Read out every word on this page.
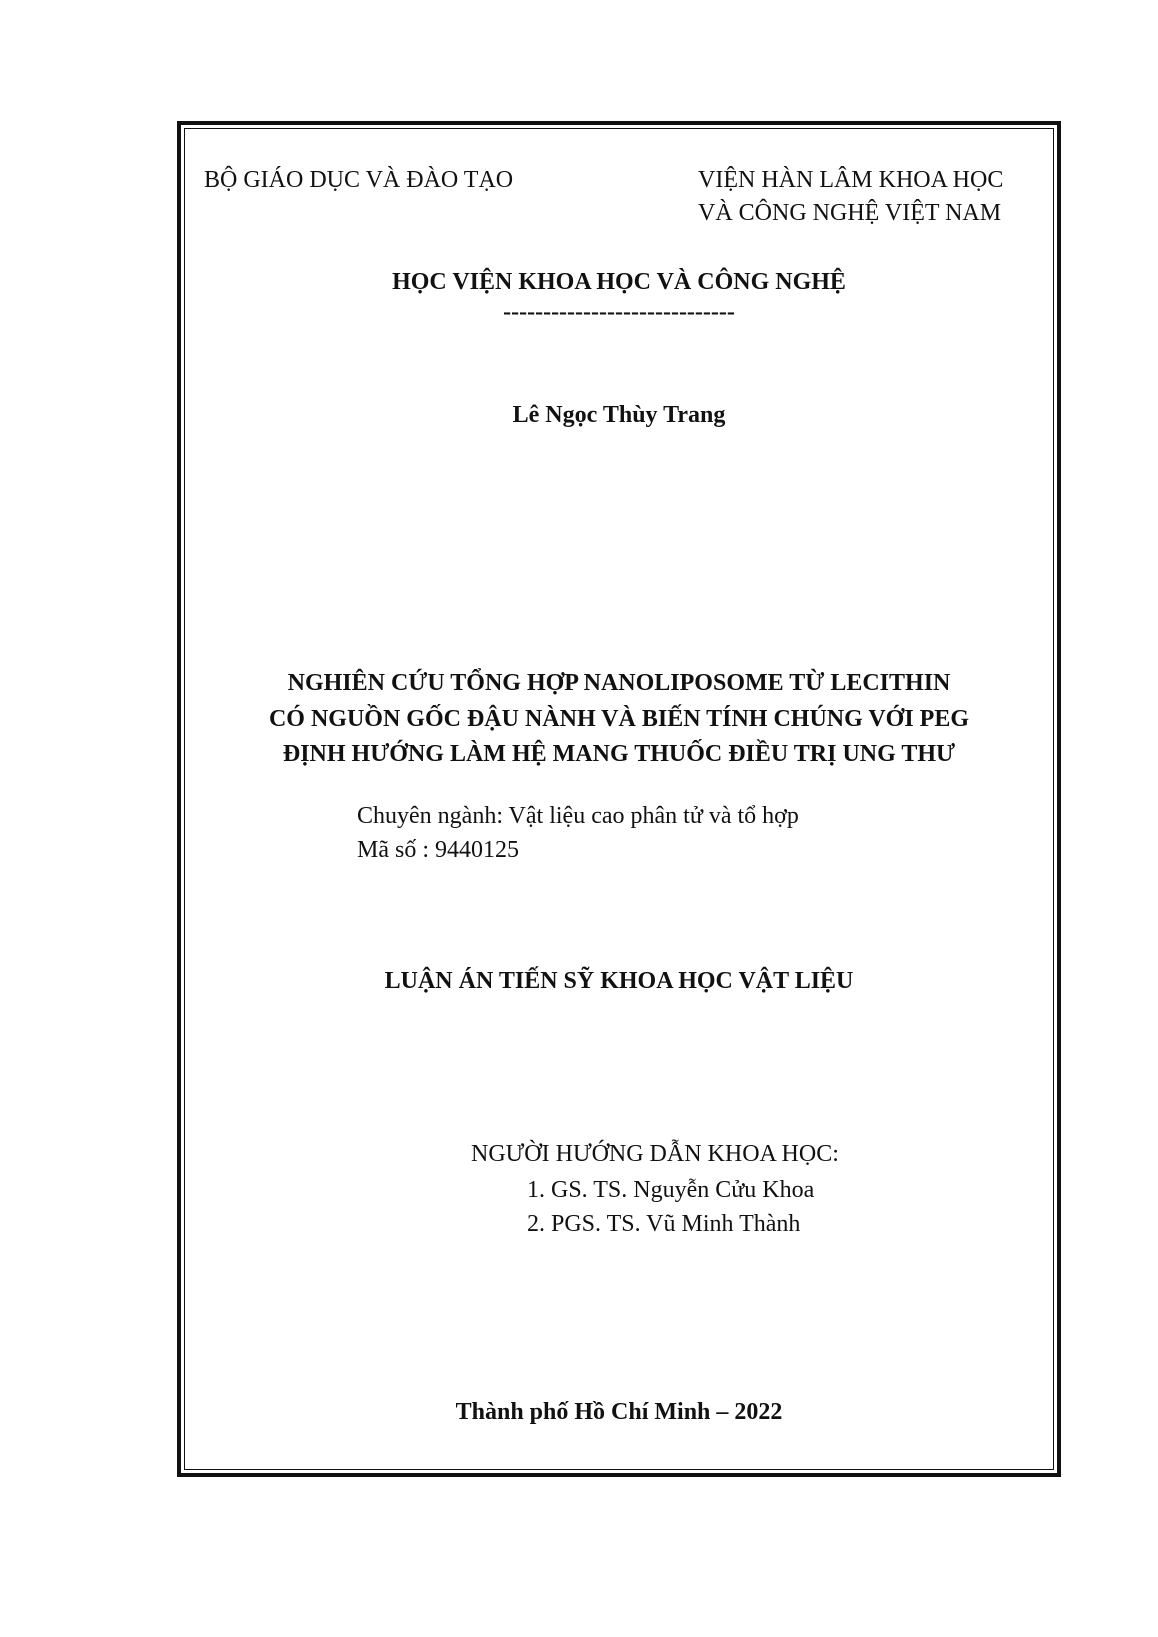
BỘ GIÁO DỤC VÀ ĐÀO TẠO	VIỆN HÀN LÂM KHOA HỌC
VÀ CÔNG NGHỆ VIỆT NAM
HỌC VIỆN KHOA HỌC VÀ CÔNG NGHỆ
-----------------------------
Lê Ngọc Thùy Trang
NGHIÊN CỨU TỔNG HỢP NANOLIPOSOME TỪ LECITHIN
CÓ NGUỒN GỐC ĐẬU NÀNH VÀ BIẾN TÍNH CHÚNG VỚI PEG
ĐỊNH HƯỚNG LÀM HỆ MANG THUỐC ĐIỀU TRỊ UNG THƯ
Chuyên ngành: Vật liệu cao phân tử và tổ hợp
Mã số : 9440125
LUẬN ÁN TIẾN SỸ KHOA HỌC VẬT LIỆU
NGƯỜI HƯỚNG DẪN KHOA HỌC:
1. GS. TS. Nguyễn Cửu Khoa
2. PGS. TS. Vũ Minh Thành
Thành phố Hồ Chí Minh – 2022
